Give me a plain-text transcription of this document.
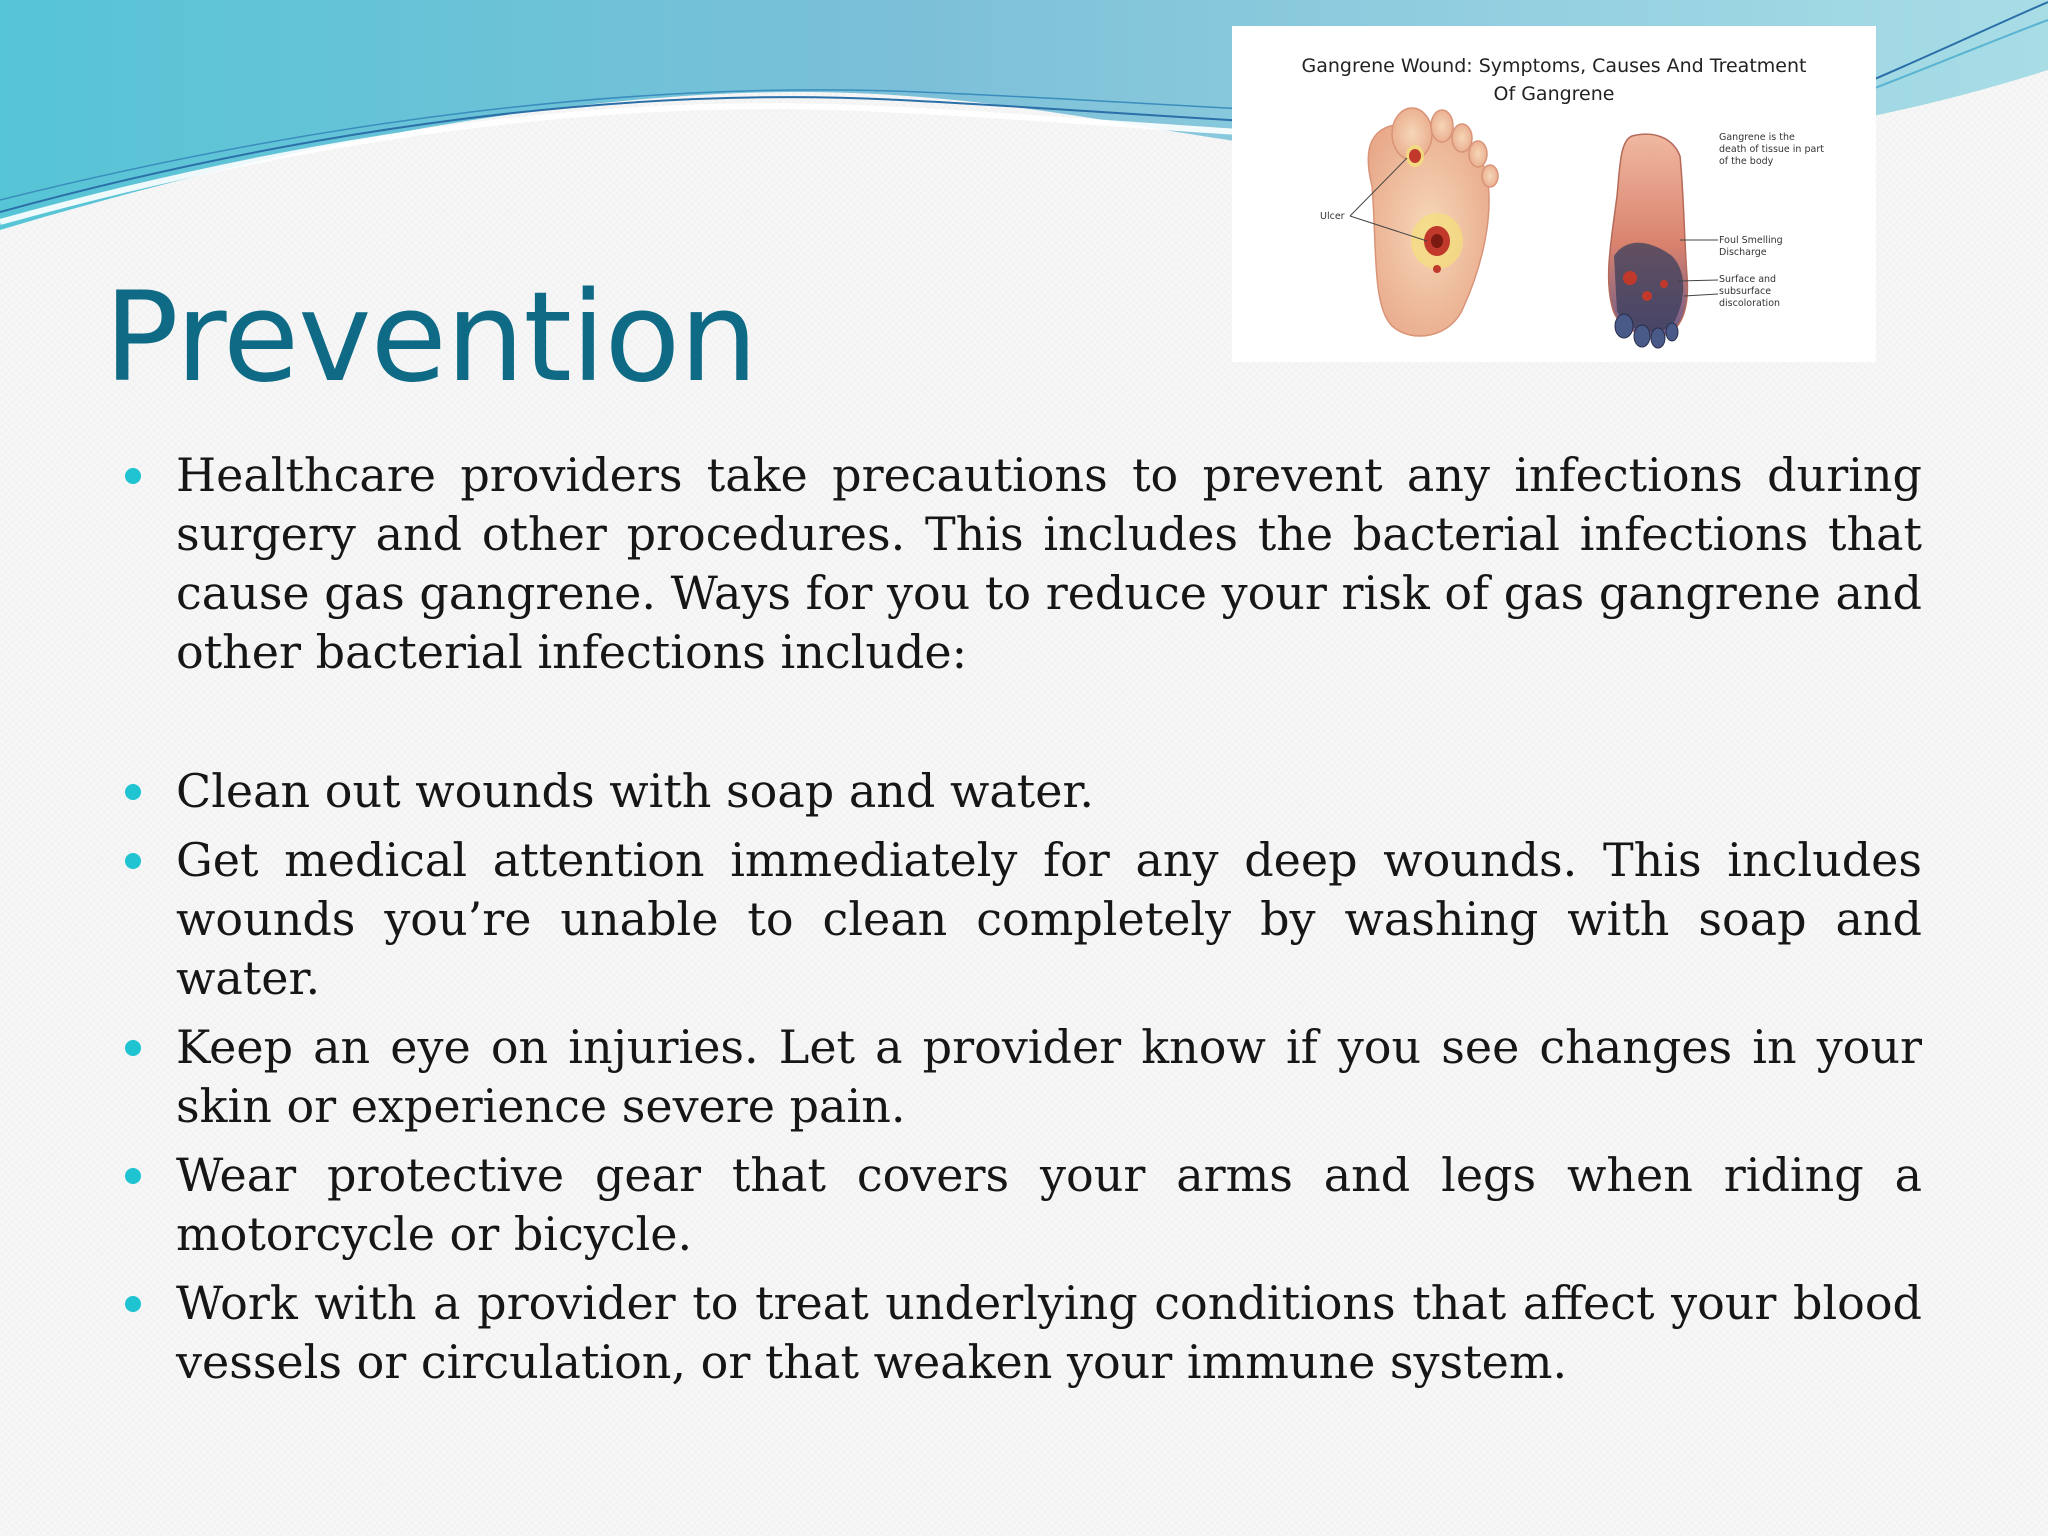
Prevention
Gangrene Wound: Symptoms, Causes And Treatment
Of Gangrene
Ulcer
Gangrene is the
death of tissue in part
of the body
Foul Smelling
Discharge
Surface and
subsurface
discoloration
Healthcare providers take precautions to prevent any infections during surgery and other procedures. This includes the bacterial infections that cause gas gangrene. Ways for you to reduce your risk of gas gangrene and other bacterial infections include:
Clean out wounds with soap and water.
Get medical attention immediately for any deep wounds. This includes wounds you’re unable to clean completely by washing with soap and water.
Keep an eye on injuries. Let a provider know if you see changes in your skin or experience severe pain.
Wear protective gear that covers your arms and legs when riding a motorcycle or bicycle.
Work with a provider to treat underlying conditions that affect your blood vessels or circulation, or that weaken your immune system.
